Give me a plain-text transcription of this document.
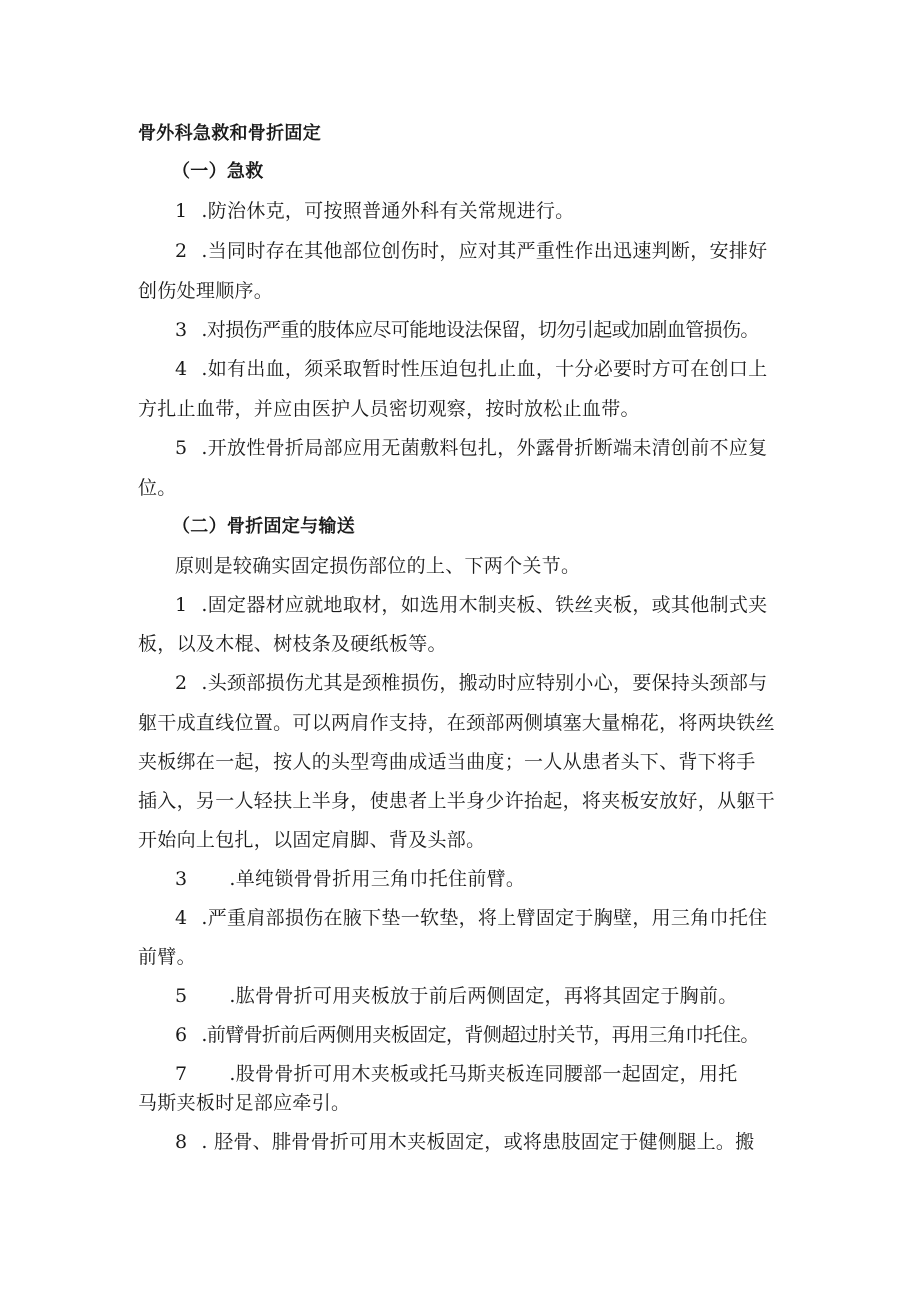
骨外科急救和骨折固定
（一）急救
1 .防治休克，可按照普通外科有关常规进行。
2 .当同时存在其他部位创伤时，应对其严重性作出迅速判断，安排好
创伤处理顺序。
3 .对损伤严重的肢体应尽可能地设法保留，切勿引起或加剧血管损伤。
4 .如有出血，须采取暂时性压迫包扎止血，十分必要时方可在创口上
方扎止血带，并应由医护人员密切观察，按时放松止血带。
5 .开放性骨折局部应用无菌敷料包扎，外露骨折断端未清创前不应复
位。
（二）骨折固定与输送
原则是较确实固定损伤部位的上、下两个关节。
1 .固定器材应就地取材，如选用木制夹板、铁丝夹板，或其他制式夹
板，以及木棍、树枝条及硬纸板等。
2 .头颈部损伤尤其是颈椎损伤，搬动时应特别小心，要保持头颈部与
躯干成直线位置。可以两肩作支持，在颈部两侧填塞大量棉花，将两块铁丝
夹板绑在一起，按人的头型弯曲成适当曲度；一人从患者头下、背下将手
插入，另一人轻扶上半身，使患者上半身少许抬起，将夹板安放好，从躯干
开始向上包扎，以固定肩脚、背及头部。
3 .单纯锁骨骨折用三角巾托住前臂。
4 .严重肩部损伤在腋下垫一软垫，将上臂固定于胸壁，用三角巾托住
前臂。
5 .肱骨骨折可用夹板放于前后两侧固定，再将其固定于胸前。
6 .前臂骨折前后两侧用夹板固定，背侧超过肘关节，再用三角巾托住。
7 .股骨骨折可用木夹板或托马斯夹板连同腰部一起固定，用托
马斯夹板时足部应牵引。
8 . 胫骨、腓骨骨折可用木夹板固定，或将患肢固定于健侧腿上。搬
